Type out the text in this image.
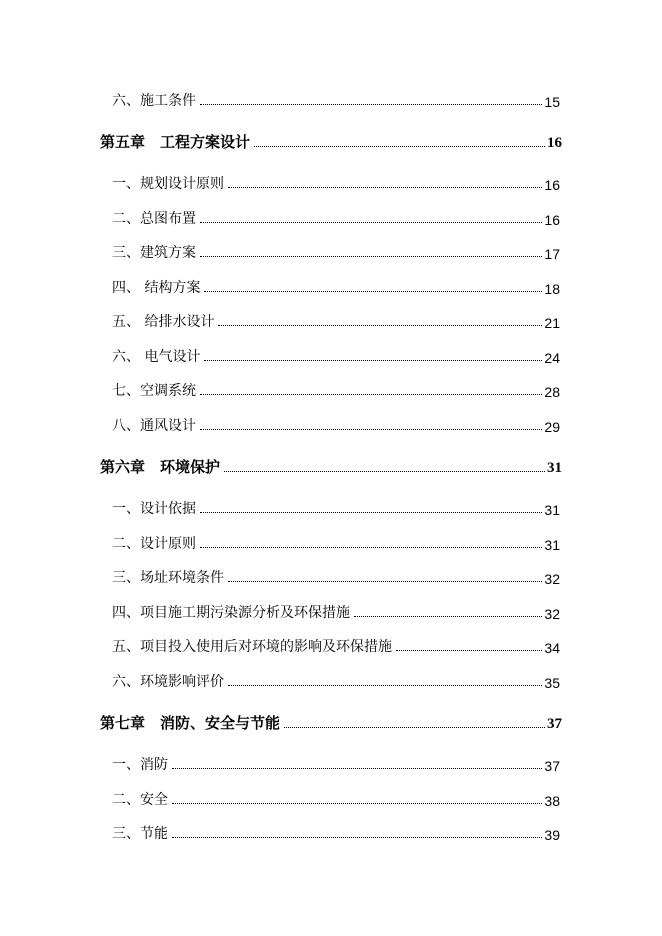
六、施工条件	15
第五章　工程方案设计	16
一、规划设计原则	16
二、总图布置	16
三、建筑方案	17
四、 结构方案	18
五、 给排水设计	21
六、 电气设计	24
七、空调系统	28
八、通风设计	29
第六章　环境保护	31
一、设计依据	31
二、设计原则	31
三、场址环境条件	32
四、项目施工期污染源分析及环保措施	32
五、项目投入使用后对环境的影响及环保措施	34
六、环境影响评价	35
第七章　消防、安全与节能	37
一、消防	37
二、安全	38
三、节能	39
